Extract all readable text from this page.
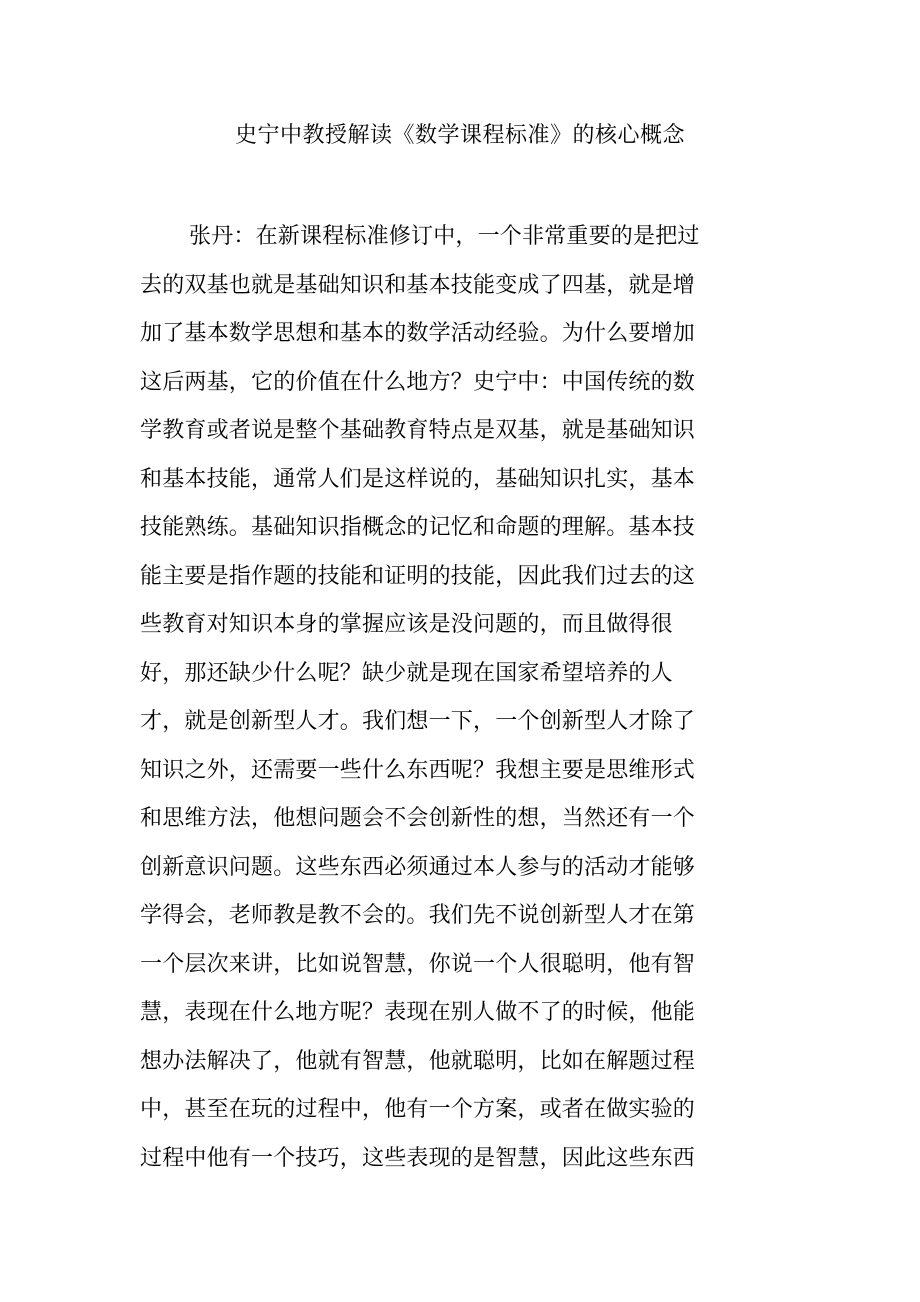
史宁中教授解读《数学课程标准》的核心概念
张丹：在新课程标准修订中，一个非常重要的是把过
去的双基也就是基础知识和基本技能变成了四基，就是增
加了基本数学思想和基本的数学活动经验。为什么要增加
这后两基，它的价值在什么地方？史宁中：中国传统的数
学教育或者说是整个基础教育特点是双基，就是基础知识
和基本技能，通常人们是这样说的，基础知识扎实，基本
技能熟练。基础知识指概念的记忆和命题的理解。基本技
能主要是指作题的技能和证明的技能，因此我们过去的这
些教育对知识本身的掌握应该是没问题的，而且做得很
好，那还缺少什么呢？缺少就是现在国家希望培养的人
才，就是创新型人才。我们想一下，一个创新型人才除了
知识之外，还需要一些什么东西呢？我想主要是思维形式
和思维方法，他想问题会不会创新性的想，当然还有一个
创新意识问题。这些东西必须通过本人参与的活动才能够
学得会，老师教是教不会的。我们先不说创新型人才在第
一个层次来讲，比如说智慧，你说一个人很聪明，他有智
慧，表现在什么地方呢？表现在别人做不了的时候，他能
想办法解决了，他就有智慧，他就聪明，比如在解题过程
中，甚至在玩的过程中，他有一个方案，或者在做实验的
过程中他有一个技巧，这些表现的是智慧，因此这些东西
